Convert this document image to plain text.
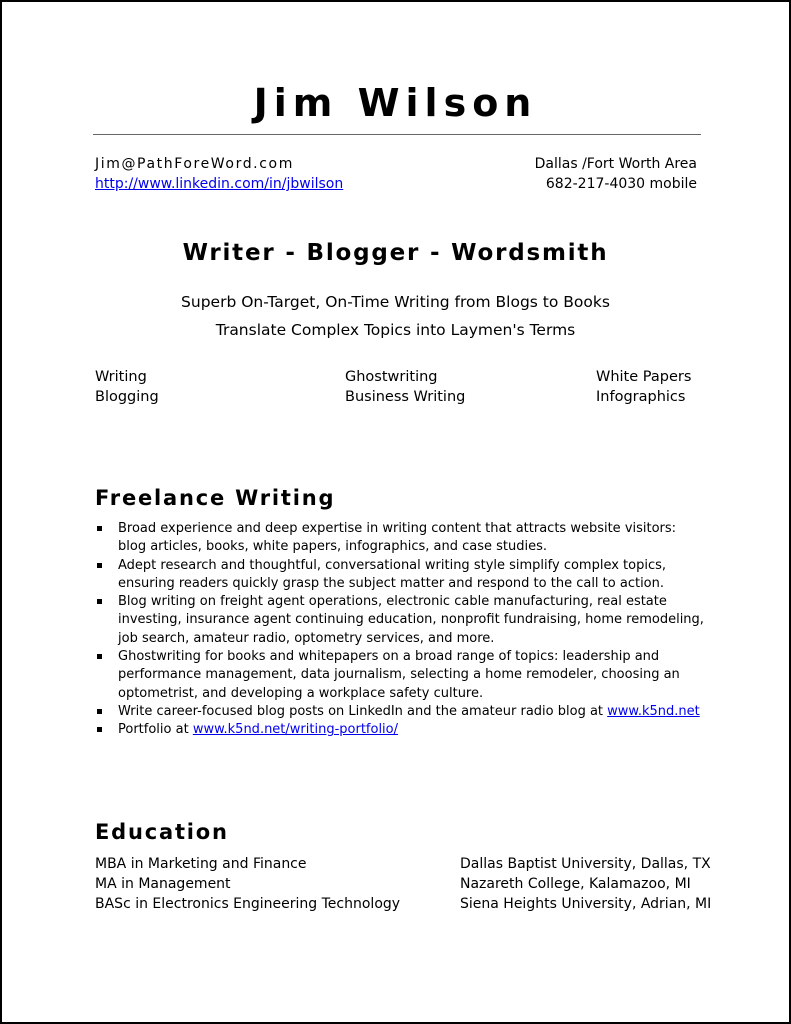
Jim Wilson
Jim@PathForeWord.com
http://www.linkedin.com/in/jbwilson
Dallas /Fort Worth Area
682-217-4030 mobile
Writer - Blogger - Wordsmith
Superb On-Target, On-Time Writing from Blogs to Books
Translate Complex Topics into Laymen's Terms
Writing
Blogging
Ghostwriting
Business Writing
White Papers
Infographics
Freelance Writing
Broad experience and deep expertise in writing content that attracts website visitors: blog articles, books, white papers, infographics, and case studies.
Adept research and thoughtful, conversational writing style simplify complex topics, ensuring readers quickly grasp the subject matter and respond to the call to action.
Blog writing on freight agent operations, electronic cable manufacturing, real estate investing, insurance agent continuing education, nonprofit fundraising, home remodeling, job search, amateur radio, optometry services, and more.
Ghostwriting for books and whitepapers on a broad range of topics: leadership and performance management, data journalism, selecting a home remodeler, choosing an optometrist, and developing a workplace safety culture.
Write career-focused blog posts on LinkedIn and the amateur radio blog at www.k5nd.net
Portfolio at www.k5nd.net/writing-portfolio/
Education
MBA in Marketing and Finance
MA in Management
BASc in Electronics Engineering Technology
Dallas Baptist University, Dallas, TX
Nazareth College, Kalamazoo, MI
Siena Heights University, Adrian, MI
